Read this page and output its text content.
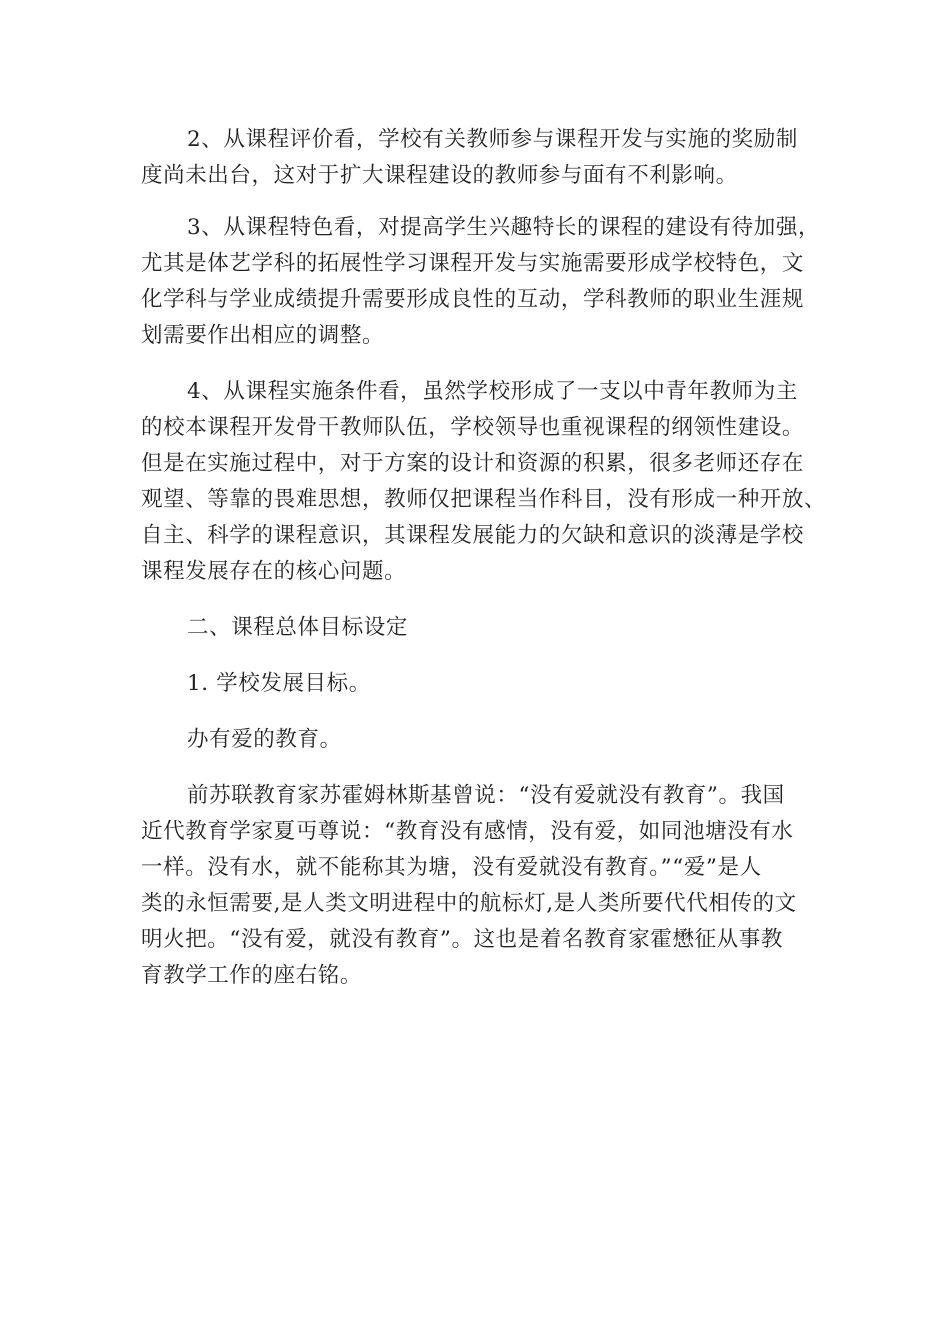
2、从课程评价看，学校有关教师参与课程开发与实施的奖励制
度尚未出台，这对于扩大课程建设的教师参与面有不利影响。
3、从课程特色看，对提高学生兴趣特长的课程的建设有待加强，
尤其是体艺学科的拓展性学习课程开发与实施需要形成学校特色，文
化学科与学业成绩提升需要形成良性的互动，学科教师的职业生涯规
划需要作出相应的调整。
4、从课程实施条件看，虽然学校形成了一支以中青年教师为主
的校本课程开发骨干教师队伍，学校领导也重视课程的纲领性建设。
但是在实施过程中，对于方案的设计和资源的积累，很多老师还存在
观望、等靠的畏难思想，教师仅把课程当作科目，没有形成一种开放、
自主、科学的课程意识，其课程发展能力的欠缺和意识的淡薄是学校
课程发展存在的核心问题。
二、课程总体目标设定
1. 学校发展目标。
办有爱的教育。
前苏联教育家苏霍姆林斯基曾说：“没有爱就没有教育”。我国
近代教育学家夏丏尊说：“教育没有感情，没有爱，如同池塘没有水
一样。没有水，就不能称其为塘，没有爱就没有教育。”“爱”是人
类的永恒需要,是人类文明进程中的航标灯,是人类所要代代相传的文
明火把。“没有爱，就没有教育”。这也是着名教育家霍懋征从事教
育教学工作的座右铭。
